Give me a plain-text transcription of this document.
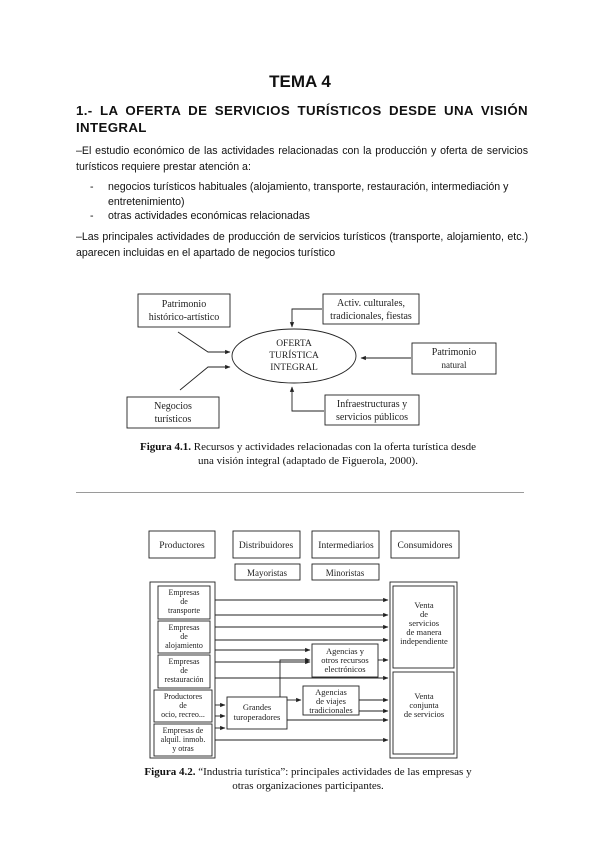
TEMA 4
1.- LA OFERTA DE SERVICIOS TURÍSTICOS DESDE UNA VISIÓN INTEGRAL
–El estudio económico de las actividades relacionadas con la producción y oferta de servicios turísticos requiere prestar atención a:
- negocios turísticos habituales (alojamiento, transporte, restauración, intermediación y entretenimiento)
- otras actividades económicas relacionadas
–Las principales actividades de producción de servicios turísticos (transporte, alojamiento, etc.) aparecen incluidas en el apartado de negocios turístico
Patrimonio
histórico-artístico
Activ. culturales,
tradicionales, fiestas
OFERTA
TURÍSTICA
INTEGRAL
Patrimonio
natural
Negocios
turísticos
Infraestructuras y
servicios públicos
Figura 4.1. Recursos y actividades relacionadas con la oferta turística desde una visión integral (adaptado de Figuerola, 2000).
Productores	Distribuidores	Intermediarios	Consumidores
Mayoristas	Minoristas
Empresas
de
transporte
Empresas
de
alojamiento
Empresas
de
restauración
Productores
de
ocio, recreo...
Empresas de
alquil. inmob.
y otras
Grandes
turoperadores
Agencias y
otros recursos
electrónicos
Agencias
de viajes
tradicionales
Venta
de
servicios
de manera
independiente
Venta
conjunta
de servicios
Figura 4.2. “Industria turística”: principales actividades de las empresas y otras organizaciones participantes.
